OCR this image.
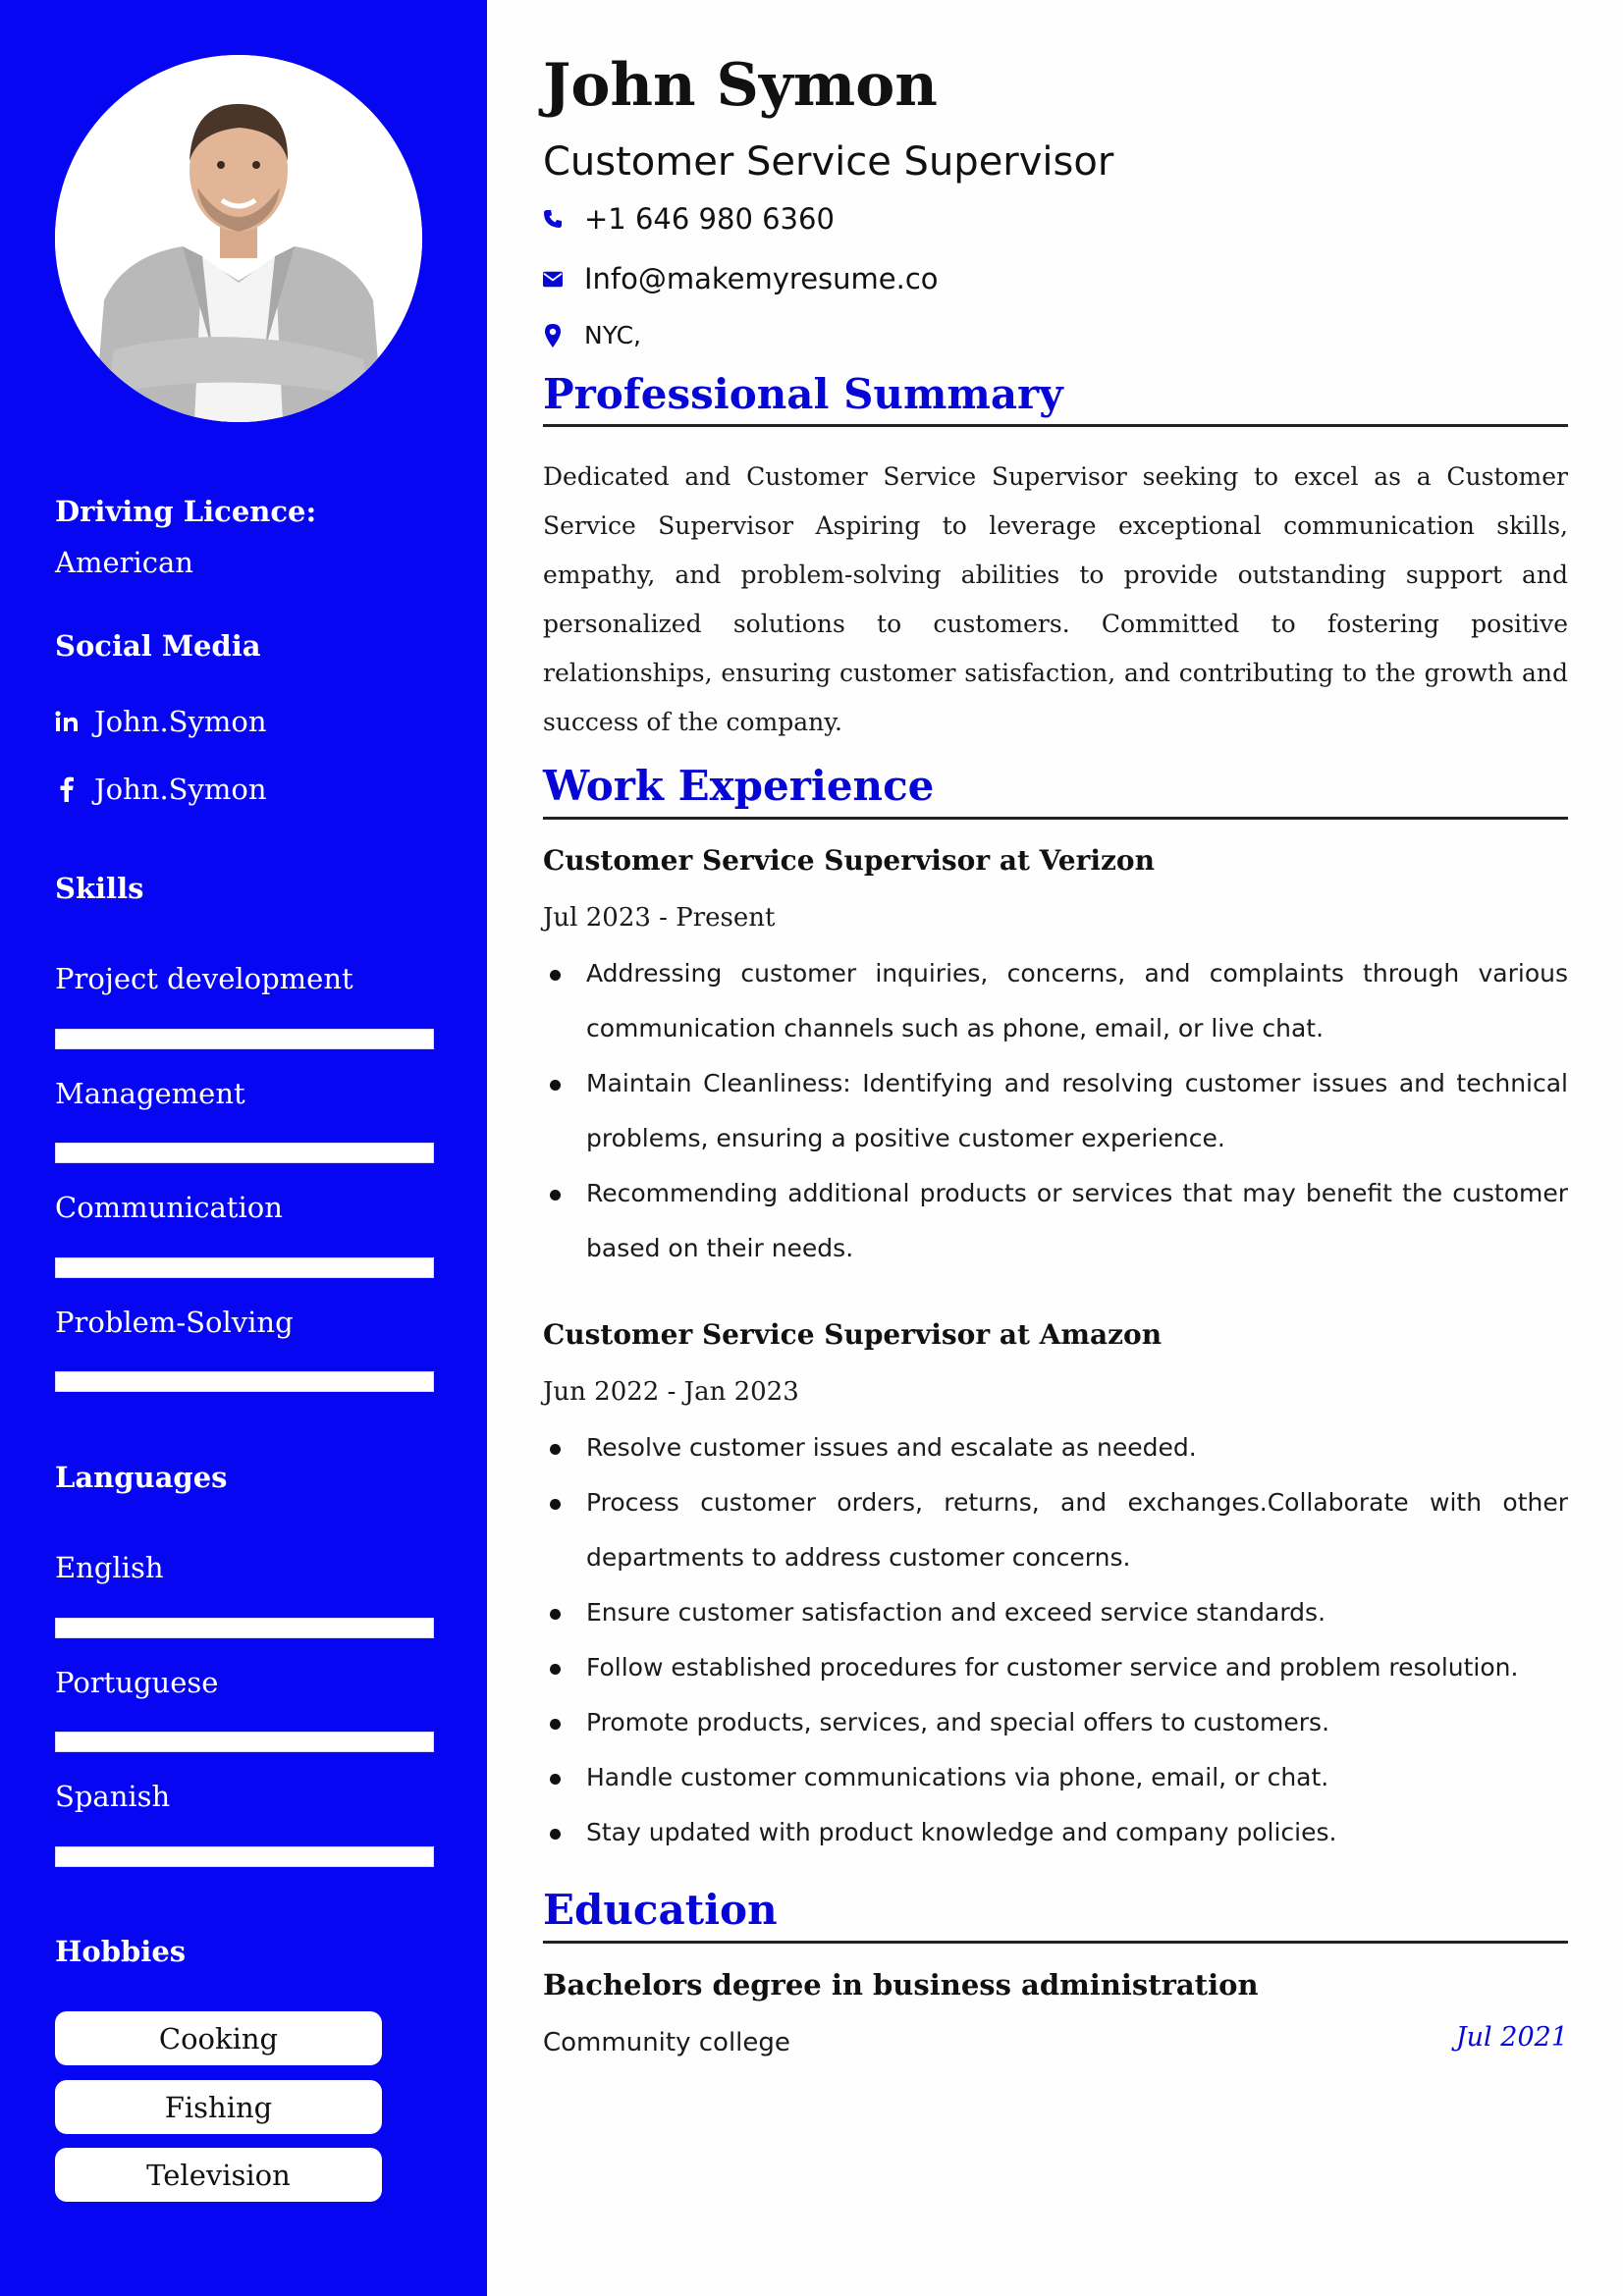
Driving Licence:
American
Social Media
John.Symon
John.Symon
Skills
Project development
Management
Communication
Problem-Solving
Languages
English
Portuguese
Spanish
Hobbies
Cooking
Fishing
Television
John Symon
Customer Service Supervisor
+1 646 980 6360
Info@makemyresume.co
NYC,
Professional Summary

Dedicated and Customer Service Supervisor seeking to excel as a Customer Service Supervisor Aspiring to leverage exceptional communication skills, empathy, and problem-solving abilities to provide outstanding support and personalized solutions to customers. Committed to fostering positive relationships, ensuring customer satisfaction, and contributing to the growth and success of the company.

Work Experience
Customer Service Supervisor at Verizon
Jul 2023 - Present
Addressing customer inquiries, concerns, and complaints through various communication channels such as phone, email, or live chat.
Maintain Cleanliness: Identifying and resolving customer issues and technical problems, ensuring a positive customer experience.
Recommending additional products or services that may benefit the customer based on their needs.
Customer Service Supervisor at Amazon
Jun 2022 - Jan 2023
Resolve customer issues and escalate as needed.
Process customer orders, returns, and exchanges.Collaborate with other departments to address customer concerns.
Ensure customer satisfaction and exceed service standards.
Follow established procedures for customer service and problem resolution.
Promote products, services, and special offers to customers.
Handle customer communications via phone, email, or chat.
Stay updated with product knowledge and company policies.
Education
Bachelors degree in business administration
Community college	Jul 2021
